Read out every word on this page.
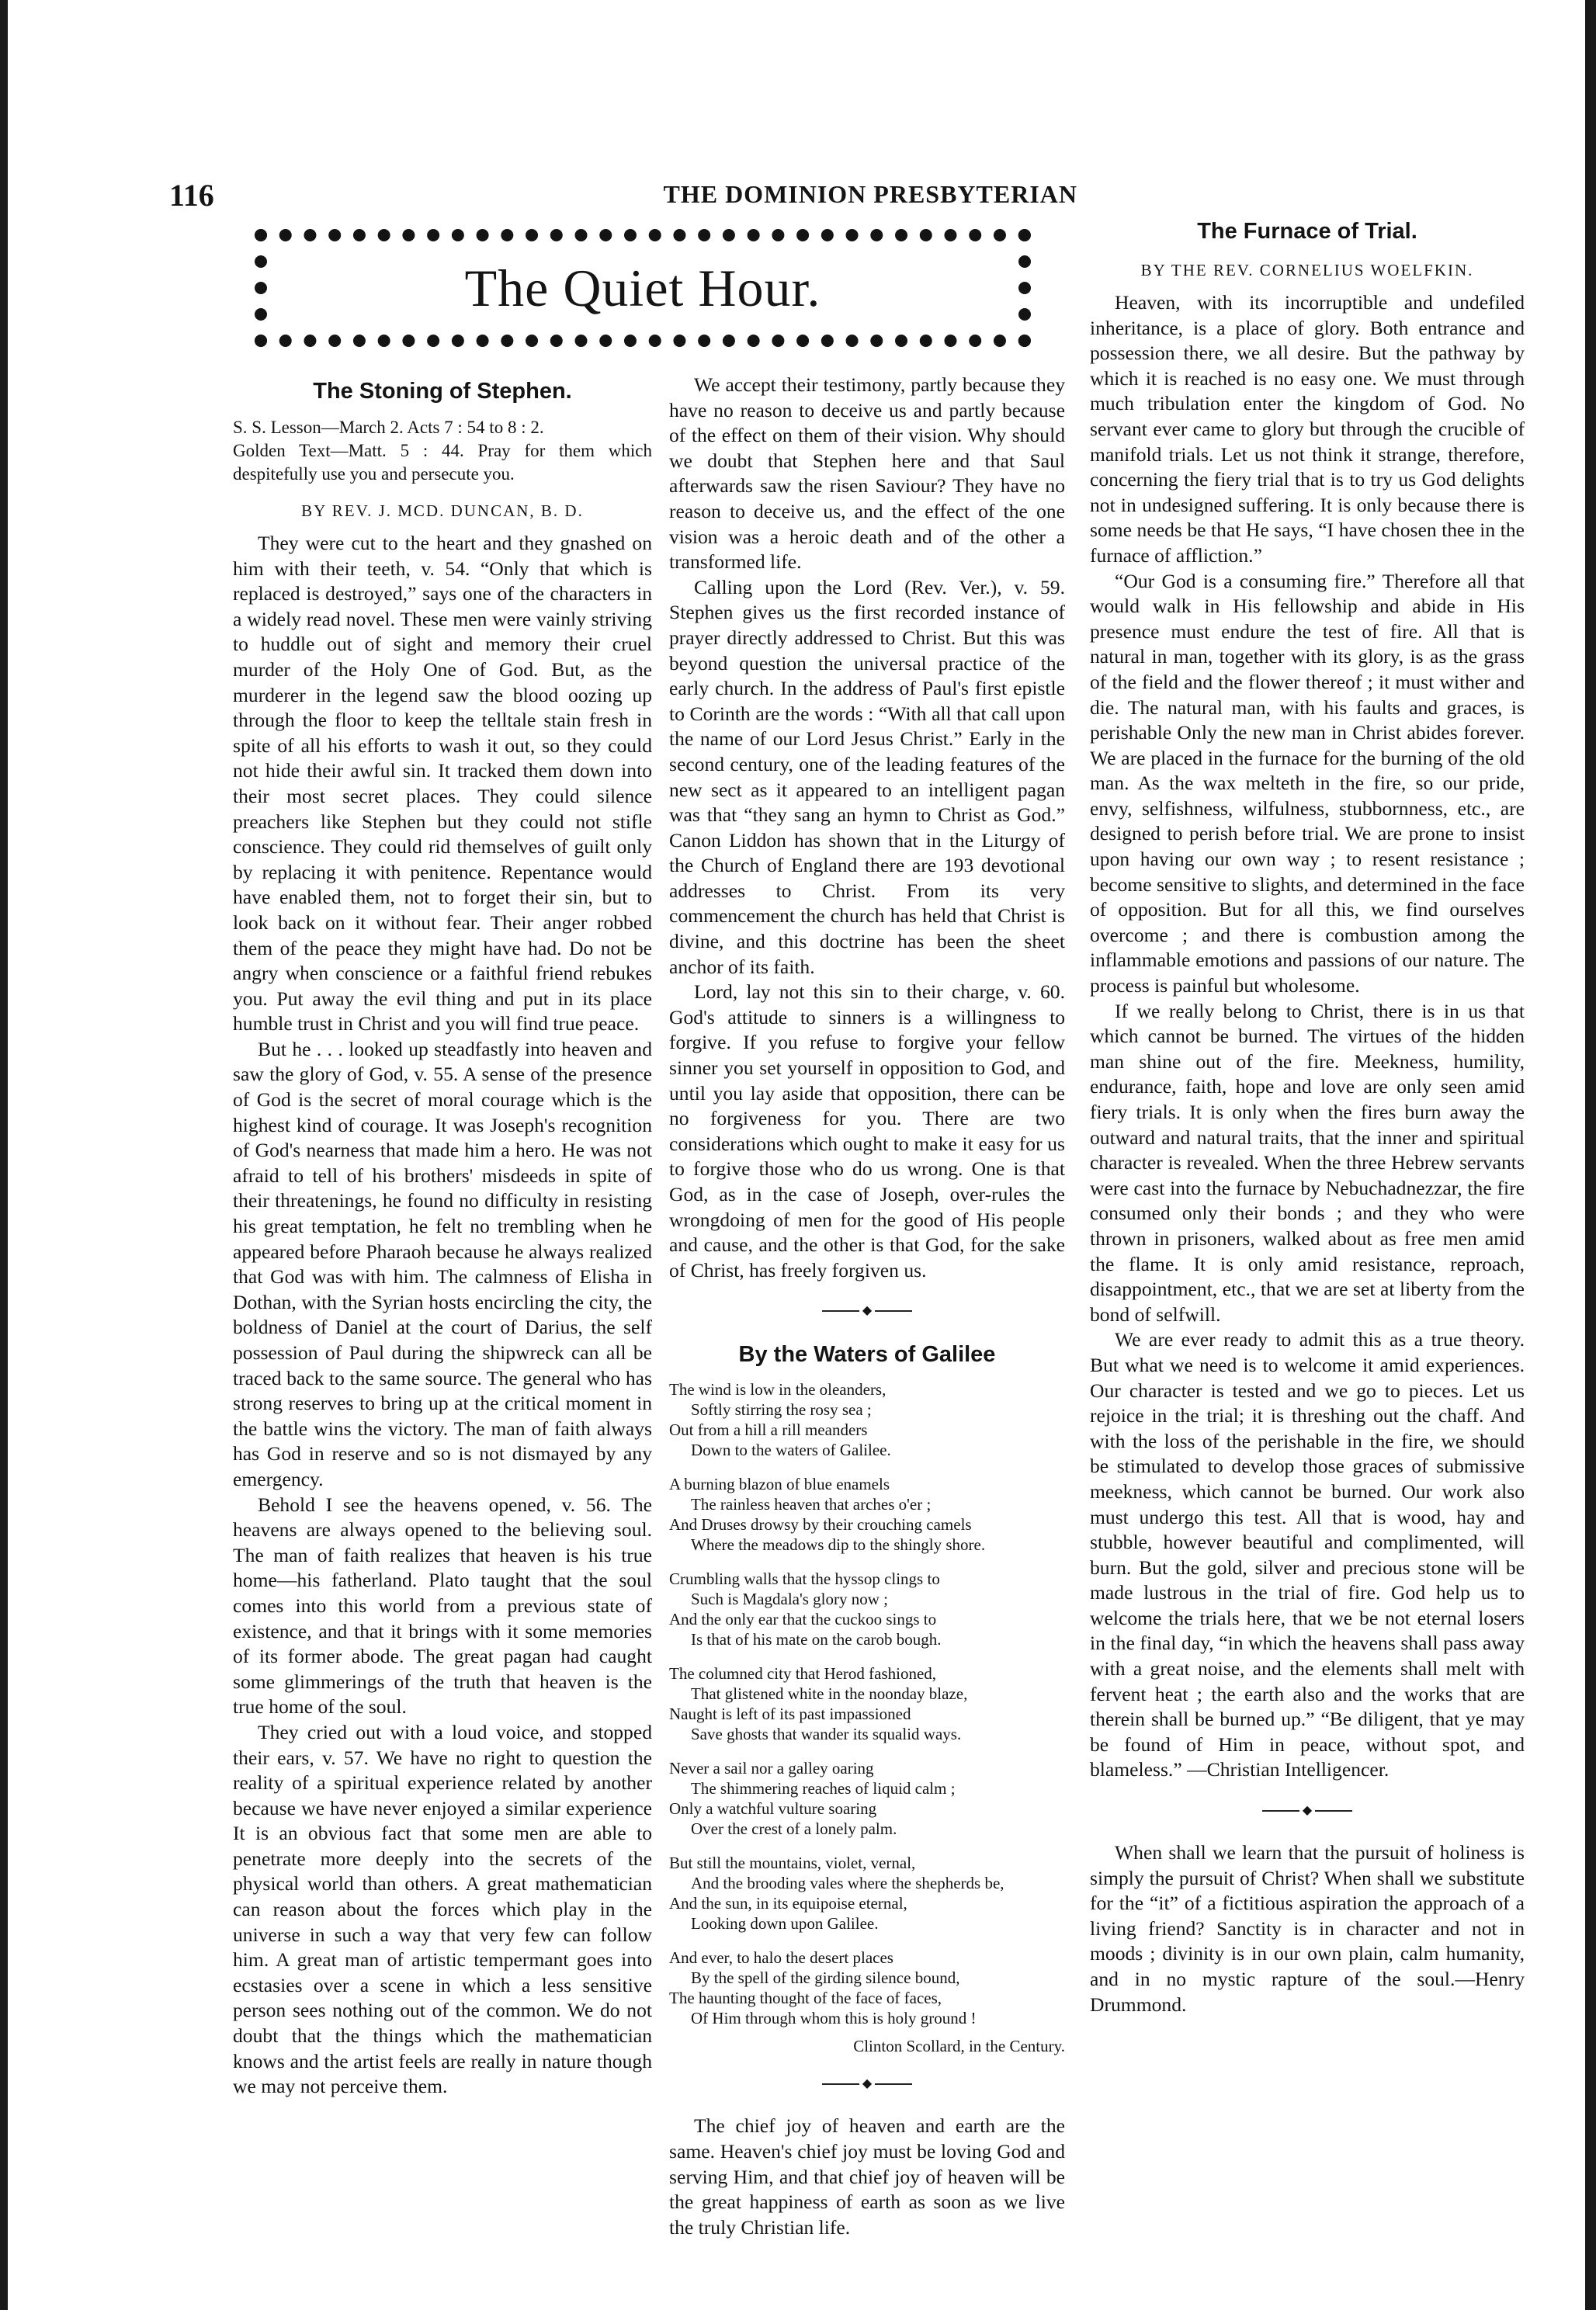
116	THE DOMINION PRESBYTERIAN
The Quiet Hour.
The Stoning of Stephen.

S. S. Lesson—March 2. Acts 7 : 54 to 8 : 2.

Golden Text—Matt. 5 : 44. Pray for them which despitefully use you and persecute you.

BY REV. J. MCD. DUNCAN, B. D.

They were cut to the heart and they gnashed on him with their teeth, v. 54. “Only that which is replaced is destroyed,” says one of the characters in a widely read novel. These men were vainly striving to huddle out of sight and memory their cruel murder of the Holy One of God. But, as the murderer in the legend saw the blood oozing up through the floor to keep the telltale stain fresh in spite of all his efforts to wash it out, so they could not hide their awful sin. It tracked them down into their most secret places. They could silence preachers like Stephen but they could not stifle conscience. They could rid themselves of guilt only by replacing it with penitence. Repentance would have enabled them, not to forget their sin, but to look back on it without fear. Their anger robbed them of the peace they might have had. Do not be angry when conscience or a faithful friend rebukes you. Put away the evil thing and put in its place humble trust in Christ and you will find true peace.

But he . . . looked up steadfastly into heaven and saw the glory of God, v. 55. A sense of the presence of God is the secret of moral courage which is the highest kind of courage. It was Joseph's recognition of God's nearness that made him a hero. He was not afraid to tell of his brothers' misdeeds in spite of their threatenings, he found no difficulty in resisting his great temptation, he felt no trembling when he appeared before Pharaoh because he always realized that God was with him. The calmness of Elisha in Dothan, with the Syrian hosts encircling the city, the boldness of Daniel at the court of Darius, the self possession of Paul during the shipwreck can all be traced back to the same source. The general who has strong reserves to bring up at the critical moment in the battle wins the victory. The man of faith always has God in reserve and so is not dismayed by any emergency.

Behold I see the heavens opened, v. 56. The heavens are always opened to the believing soul. The man of faith realizes that heaven is his true home—his fatherland. Plato taught that the soul comes into this world from a previous state of existence, and that it brings with it some memories of its former abode. The great pagan had caught some glimmerings of the truth that heaven is the true home of the soul.

They cried out with a loud voice, and stopped their ears, v. 57. We have no right to question the reality of a spiritual experience related by another because we have never enjoyed a similar experience It is an obvious fact that some men are able to penetrate more deeply into the secrets of the physical world than others. A great mathematician can reason about the forces which play in the universe in such a way that very few can follow him. A great man of artistic tempermant goes into ecstasies over a scene in which a less sensitive person sees nothing out of the common. We do not doubt that the things which the mathematician knows and the artist feels are really in nature though we may not perceive them.

We accept their testimony, partly because they have no reason to deceive us and partly because of the effect on them of their vision. Why should we doubt that Stephen here and that Saul afterwards saw the risen Saviour? They have no reason to deceive us, and the effect of the one vision was a heroic death and of the other a transformed life.

Calling upon the Lord (Rev. Ver.), v. 59. Stephen gives us the first recorded instance of prayer directly addressed to Christ. But this was beyond question the universal practice of the early church. In the address of Paul's first epistle to Corinth are the words : “With all that call upon the name of our Lord Jesus Christ.” Early in the second century, one of the leading features of the new sect as it appeared to an intelligent pagan was that “they sang an hymn to Christ as God.” Canon Liddon has shown that in the Liturgy of the Church of England there are 193 devotional addresses to Christ. From its very commencement the church has held that Christ is divine, and this doctrine has been the sheet anchor of its faith.

Lord, lay not this sin to their charge, v. 60. God's attitude to sinners is a willingness to forgive. If you refuse to forgive your fellow sinner you set yourself in opposition to God, and until you lay aside that opposition, there can be no forgiveness for you. There are two considerations which ought to make it easy for us to forgive those who do us wrong. One is that God, as in the case of Joseph, over-rules the wrongdoing of men for the good of His people and cause, and the other is that God, for the sake of Christ, has freely forgiven us.

◆
By the Waters of Galilee
The wind is low in the oleanders,
Softly stirring the rosy sea ;
Out from a hill a rill meanders
Down to the waters of Galilee.
A burning blazon of blue enamels
The rainless heaven that arches o'er ;
And Druses drowsy by their crouching camels
Where the meadows dip to the shingly shore.
Crumbling walls that the hyssop clings to
Such is Magdala's glory now ;
And the only ear that the cuckoo sings to
Is that of his mate on the carob bough.
The columned city that Herod fashioned,
That glistened white in the noonday blaze,
Naught is left of its past impassioned
Save ghosts that wander its squalid ways.
Never a sail nor a galley oaring
The shimmering reaches of liquid calm ;
Only a watchful vulture soaring
Over the crest of a lonely palm.
But still the mountains, violet, vernal,
And the brooding vales where the shepherds be,
And the sun, in its equipoise eternal,
Looking down upon Galilee.
And ever, to halo the desert places
By the spell of the girding silence bound,
The haunting thought of the face of faces,
Of Him through whom this is holy ground !
Clinton Scollard, in the Century.
◆

The chief joy of heaven and earth are the same. Heaven's chief joy must be loving God and serving Him, and that chief joy of heaven will be the great happiness of earth as soon as we live the truly Christian life.

The Furnace of Trial.
BY THE REV. CORNELIUS WOELFKIN.

Heaven, with its incorruptible and undefiled inheritance, is a place of glory. Both entrance and possession there, we all desire. But the pathway by which it is reached is no easy one. We must through much tribulation enter the kingdom of God. No servant ever came to glory but through the crucible of manifold trials. Let us not think it strange, therefore, concerning the fiery trial that is to try us God delights not in undesigned suffering. It is only because there is some needs be that He says, “I have chosen thee in the furnace of affliction.”

“Our God is a consuming fire.” Therefore all that would walk in His fellowship and abide in His presence must endure the test of fire. All that is natural in man, together with its glory, is as the grass of the field and the flower thereof ; it must wither and die. The natural man, with his faults and graces, is perishable Only the new man in Christ abides forever. We are placed in the furnace for the burning of the old man. As the wax melteth in the fire, so our pride, envy, selfishness, wilfulness, stubbornness, etc., are designed to perish before trial. We are prone to insist upon having our own way ; to resent resistance ; become sensitive to slights, and determined in the face of opposition. But for all this, we find ourselves overcome ; and there is combustion among the inflammable emotions and passions of our nature. The process is painful but wholesome.

If we really belong to Christ, there is in us that which cannot be burned. The virtues of the hidden man shine out of the fire. Meekness, humility, endurance, faith, hope and love are only seen amid fiery trials. It is only when the fires burn away the outward and natural traits, that the inner and spiritual character is revealed. When the three Hebrew servants were cast into the furnace by Nebuchadnezzar, the fire consumed only their bonds ; and they who were thrown in prisoners, walked about as free men amid the flame. It is only amid resistance, reproach, disappointment, etc., that we are set at liberty from the bond of selfwill.

We are ever ready to admit this as a true theory. But what we need is to welcome it amid experiences. Our character is tested and we go to pieces. Let us rejoice in the trial; it is threshing out the chaff. And with the loss of the perishable in the fire, we should be stimulated to develop those graces of submissive meekness, which cannot be burned. Our work also must undergo this test. All that is wood, hay and stubble, however beautiful and complimented, will burn. But the gold, silver and precious stone will be made lustrous in the trial of fire. God help us to welcome the trials here, that we be not eternal losers in the final day, “in which the heavens shall pass away with a great noise, and the elements shall melt with fervent heat ; the earth also and the works that are therein shall be burned up.” “Be diligent, that ye may be found of Him in peace, without spot, and blameless.” —Christian Intelligencer.

◆

When shall we learn that the pursuit of holiness is simply the pursuit of Christ? When shall we substitute for the “it” of a fictitious aspiration the approach of a living friend? Sanctity is in character and not in moods ; divinity is in our own plain, calm humanity, and in no mystic rapture of the soul.—Henry Drummond.
